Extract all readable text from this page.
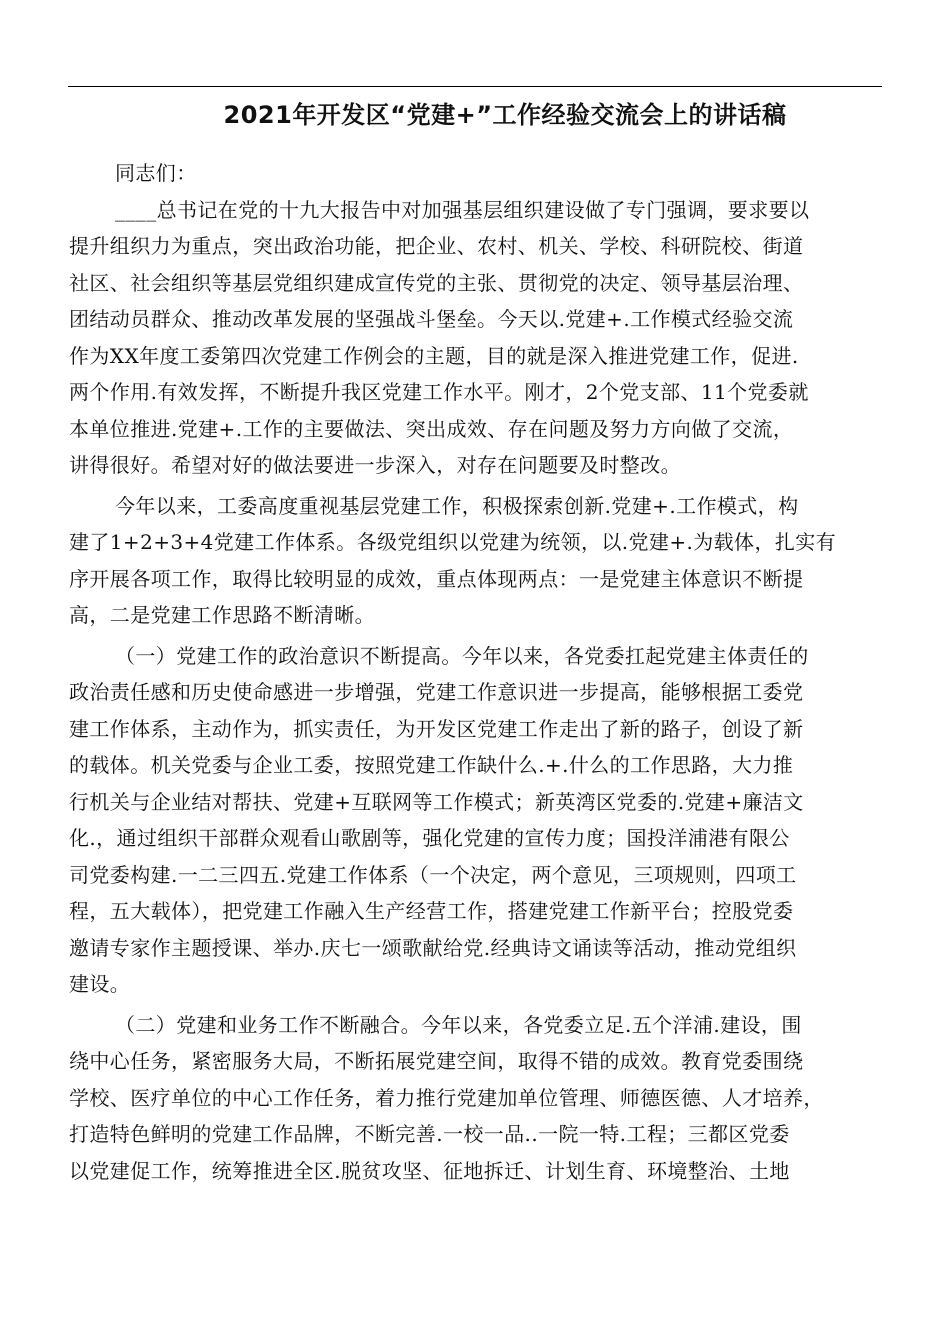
2021年开发区“党建+”工作经验交流会上的讲话稿
同志们：
____总书记在党的十九大报告中对加强基层组织建设做了专门强调，要求要以
提升组织力为重点，突出政治功能，把企业、农村、机关、学校、科研院校、街道
社区、社会组织等基层党组织建成宣传党的主张、贯彻党的决定、领导基层治理、
团结动员群众、推动改革发展的坚强战斗堡垒。今天以.党建+.工作模式经验交流
作为XX年度工委第四次党建工作例会的主题，目的就是深入推进党建工作，促进.
两个作用.有效发挥，不断提升我区党建工作水平。刚才，2个党支部、11个党委就
本单位推进.党建+.工作的主要做法、突出成效、存在问题及努力方向做了交流，
讲得很好。希望对好的做法要进一步深入，对存在问题要及时整改。
今年以来，工委高度重视基层党建工作，积极探索创新.党建+.工作模式，构
建了1+2+3+4党建工作体系。各级党组织以党建为统领，以.党建+.为载体，扎实有
序开展各项工作，取得比较明显的成效，重点体现两点：一是党建主体意识不断提
高，二是党建工作思路不断清晰。
（一）党建工作的政治意识不断提高。今年以来，各党委扛起党建主体责任的
政治责任感和历史使命感进一步增强，党建工作意识进一步提高，能够根据工委党
建工作体系，主动作为，抓实责任，为开发区党建工作走出了新的路子，创设了新
的载体。机关党委与企业工委，按照党建工作缺什么.+.什么的工作思路，大力推
行机关与企业结对帮扶、党建+互联网等工作模式；新英湾区党委的.党建+廉洁文
化.，通过组织干部群众观看山歌剧等，强化党建的宣传力度；国投洋浦港有限公
司党委构建.一二三四五.党建工作体系（一个决定，两个意见，三项规则，四项工
程，五大载体），把党建工作融入生产经营工作，搭建党建工作新平台；控股党委
邀请专家作主题授课、举办.庆七一颂歌献给党.经典诗文诵读等活动，推动党组织
建设。
（二）党建和业务工作不断融合。今年以来，各党委立足.五个洋浦.建设，围
绕中心任务，紧密服务大局，不断拓展党建空间，取得不错的成效。教育党委围绕
学校、医疗单位的中心工作任务，着力推行党建加单位管理、师德医德、人才培养，
打造特色鲜明的党建工作品牌，不断完善.一校一品..一院一特.工程；三都区党委
以党建促工作，统筹推进全区.脱贫攻坚、征地拆迁、计划生育、环境整治、土地
